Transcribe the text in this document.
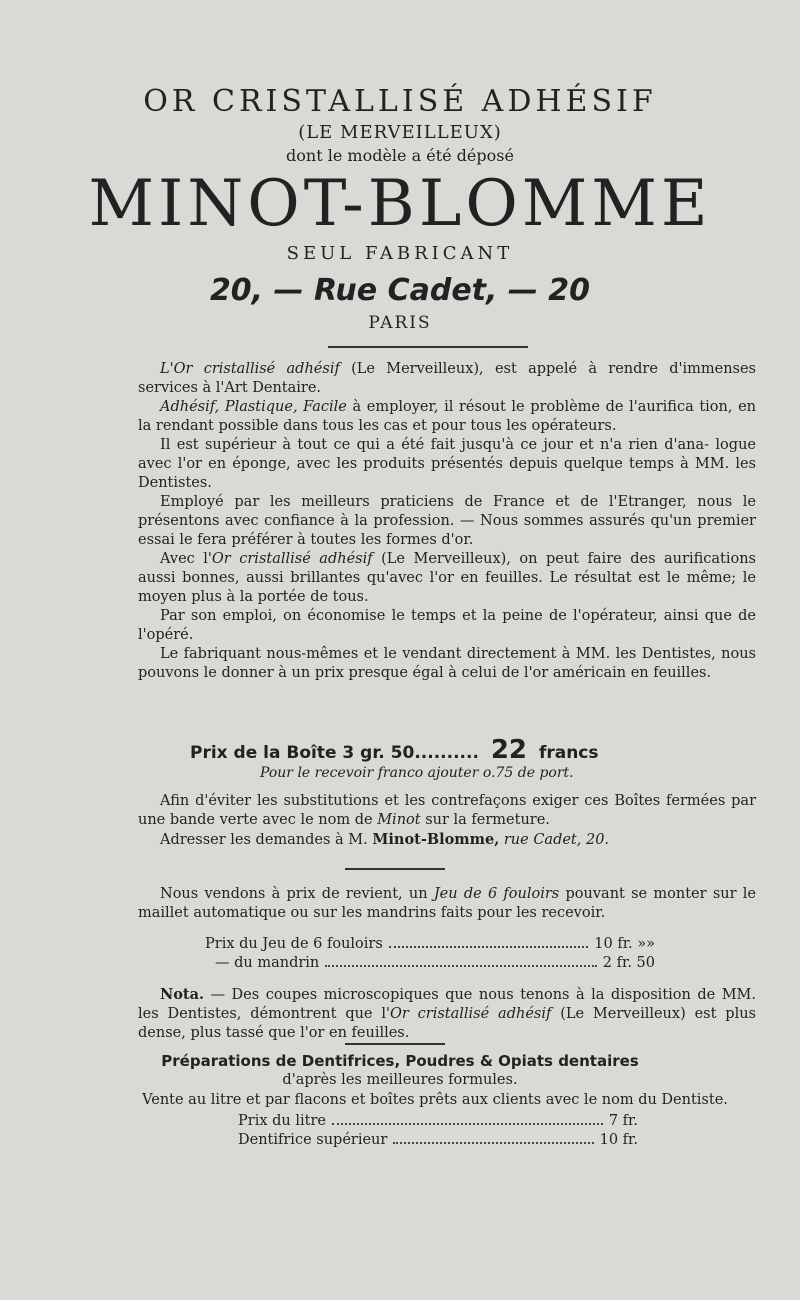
OR CRISTALLISÉ ADHÉSIF
(LE MERVEILLEUX)
dont le modèle a été déposé
MINOT-BLOMME
SEUL FABRICANT
20, — Rue Cadet, — 20
PARIS

L'Or cristallisé adhésif (Le Merveilleux), est appelé à rendre d'immenses services à l'Art Dentaire.

Adhésif, Plastique, Facile à employer, il résout le problème de l'aurifica tion, en la rendant possible dans tous les cas et pour tous les opérateurs.

Il est supérieur à tout ce qui a été fait jusqu'à ce jour et n'a rien d'ana- logue avec l'or en éponge, avec les produits présentés depuis quelque temps à MM. les Dentistes.

Employé par les meilleurs praticiens de France et de l'Etranger, nous le présentons avec confiance à la profession. — Nous sommes assurés qu'un premier essai le fera préférer à toutes les formes d'or.

Avec l'Or cristallisé adhésif (Le Merveilleux), on peut faire des aurifications aussi bonnes, aussi brillantes qu'avec l'or en feuilles. Le résultat est le même; le moyen plus à la portée de tous.

Par son emploi, on économise le temps et la peine de l'opérateur, ainsi que de l'opéré.

Le fabriquant nous-mêmes et le vendant directement à MM. les Dentistes, nous pouvons le donner à un prix presque égal à celui de l'or américain en feuilles.

Prix de la Boîte 3 gr. 50.......... 22 francs
Pour le recevoir franco ajouter o.75 de port.

Afin d'éviter les substitutions et les contrefaçons exiger ces Boîtes fermées par une bande verte avec le nom de Minot sur la fermeture.

Adresser les demandes à M. Minot-Blomme, rue Cadet, 20.

Nous vendons à prix de revient, un Jeu de 6 fouloirs pouvant se monter sur le maillet automatique ou sur les mandrins faits pour les recevoir.

Prix du Jeu de 6 fouloirs	10 fr. »»
— du mandrin	2 fr. 50

Nota. — Des coupes microscopiques que nous tenons à la disposition de MM. les Dentistes, démontrent que l'Or cristallisé adhésif (Le Merveilleux) est plus dense, plus tassé que l'or en feuilles.

Préparations de Dentifrices, Poudres & Opiats dentaires
d'après les meilleures formules.
Vente au litre et par flacons et boîtes prêts aux clients avec le nom du Dentiste.
Prix du litre	7 fr.
Dentifrice supérieur	10 fr.
